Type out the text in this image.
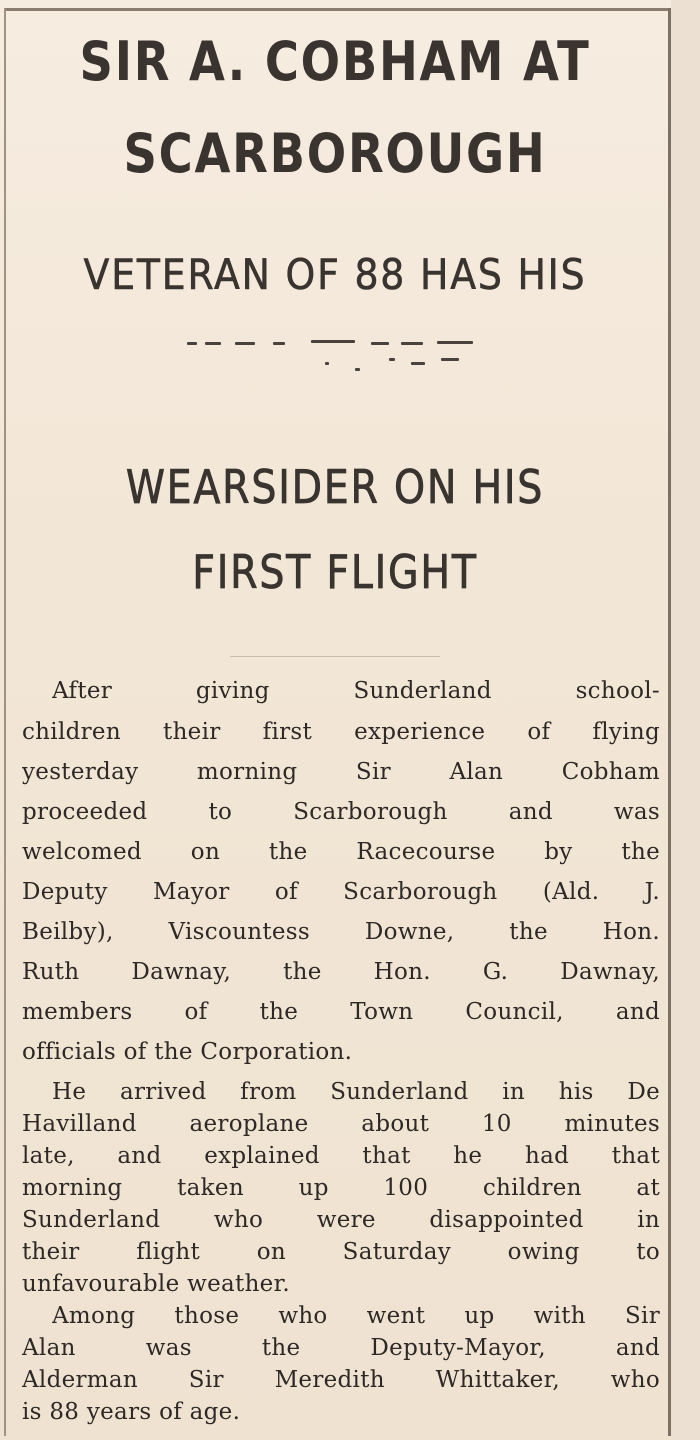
SIR A. COBHAM AT
SCARBOROUGH
VETERAN OF 88 HAS HIS
WEARSIDER ON HIS
FIRST FLIGHT
After giving Sunderland school-
children their first experience of flying
yesterday morning Sir Alan Cobham
proceeded to Scarborough and was
welcomed on the Racecourse by the
Deputy Mayor of Scarborough (Ald. J.
Beilby), Viscountess Downe, the Hon.
Ruth Dawnay, the Hon. G. Dawnay,
members of the Town Council, and
officials of the Corporation.
He arrived from Sunderland in his De
Havilland aeroplane about 10 minutes
late, and explained that he had that
morning taken up 100 children at
Sunderland who were disappointed in
their flight on Saturday owing to
unfavourable weather.
Among those who went up with Sir
Alan was the Deputy-Mayor, and
Alderman Sir Meredith Whittaker, who
is 88 years of age.
